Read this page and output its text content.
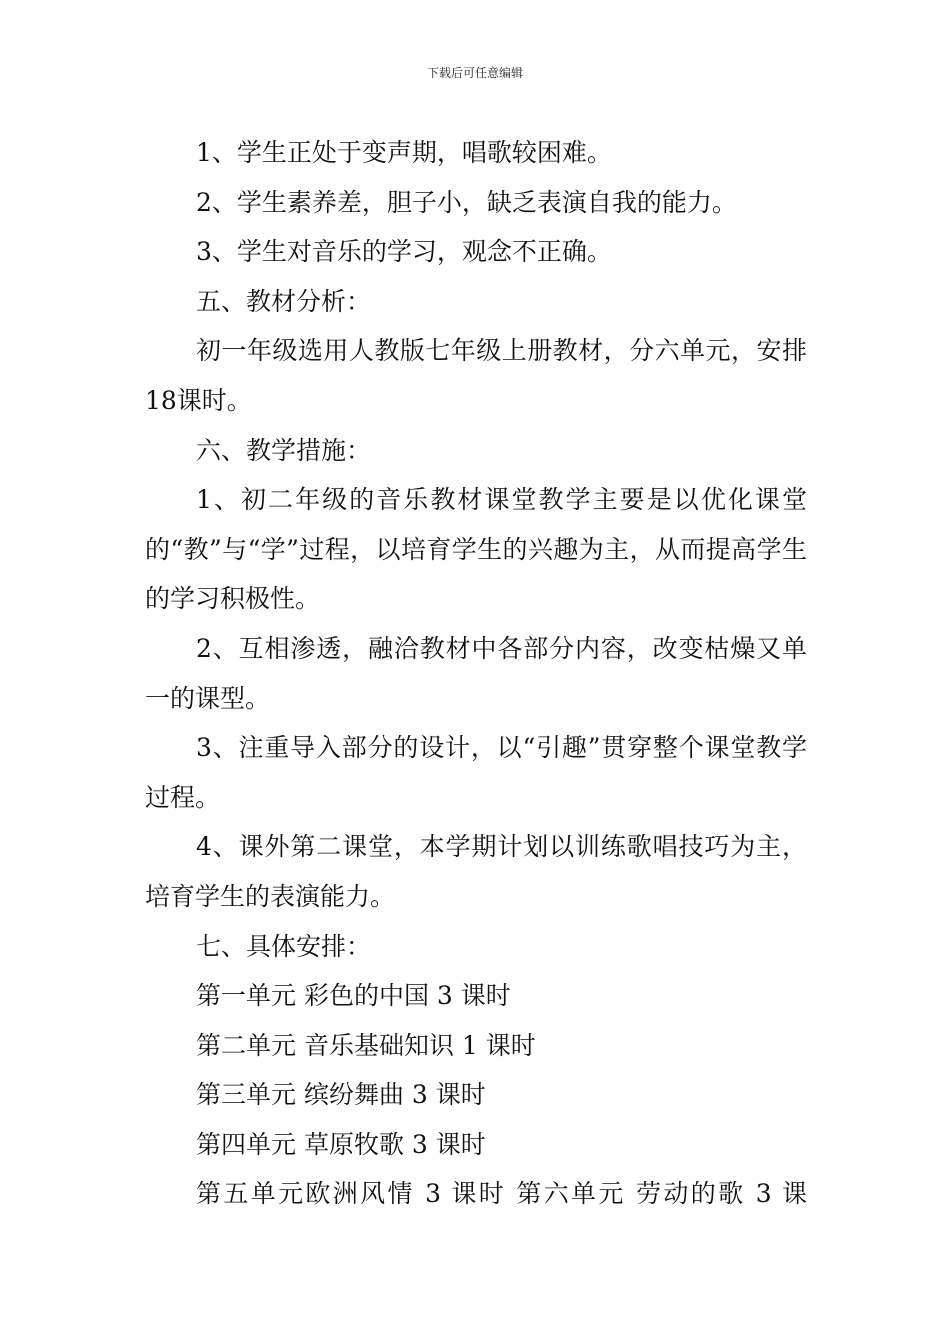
下载后可任意编辑

1、学生正处于变声期，唱歌较困难。

2、学生素养差，胆子小，缺乏表演自我的能力。

3、学生对音乐的学习，观念不正确。

五、教材分析：

初一年级选用人教版七年级上册教材，分六单元，安排18课时。

六、教学措施：

1、初二年级的音乐教材课堂教学主要是以优化课堂的“教”与“学”过程，以培育学生的兴趣为主，从而提高学生的学习积极性。

2、互相渗透，融洽教材中各部分内容，改变枯燥又单一的课型。

3、注重导入部分的设计，以“引趣”贯穿整个课堂教学过程。

4、课外第二课堂，本学期计划以训练歌唱技巧为主，培育学生的表演能力。

七、具体安排：

第一单元 彩色的中国 3 课时

第二单元 音乐基础知识 1 课时

第三单元 缤纷舞曲 3 课时

第四单元 草原牧歌 3 课时

第五单元欧洲风情 3 课时 第六单元 劳动的歌 3 课
